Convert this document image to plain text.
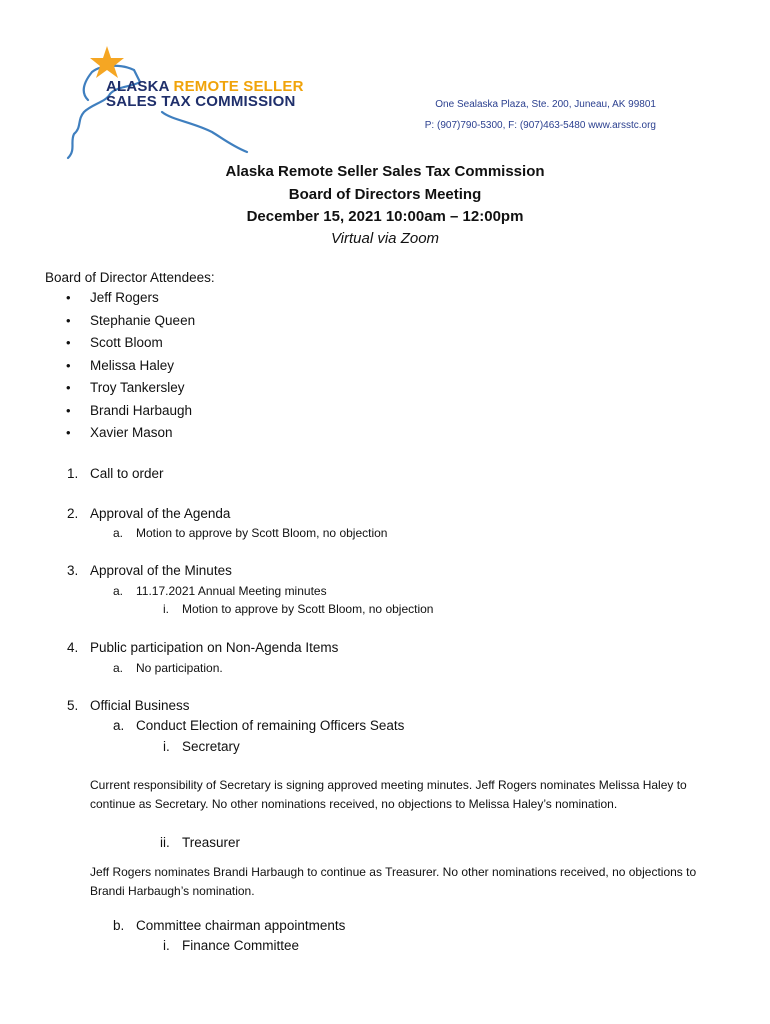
ALASKA REMOTE SELLER
SALES TAX COMMISSION	One Sealaska Plaza, Ste. 200, Juneau, AK 99801
P: (907)790-5300, F: (907)463-5480 www.arsstc.org
Alaska Remote Seller Sales Tax Commission
Board of Directors Meeting
December 15, 2021 10:00am – 12:00pm
Virtual via Zoom
Board of Director Attendees:
• Jeff Rogers
• Stephanie Queen
• Scott Bloom
• Melissa Haley
• Troy Tankersley
• Brandi Harbaugh
• Xavier Mason
1. Call to order
2. Approval of the Agenda
a. Motion to approve by Scott Bloom, no objection
3. Approval of the Minutes
a. 11.17.2021 Annual Meeting minutes
i. Motion to approve by Scott Bloom, no objection
4. Public participation on Non-Agenda Items
a. No participation.
5. Official Business
a. Conduct Election of remaining Officers Seats
i. Secretary
Current responsibility of Secretary is signing approved meeting minutes. Jeff Rogers nominates Melissa Haley to continue as Secretary. No other nominations received, no objections to Melissa Haley’s nomination.
ii. Treasurer
Jeff Rogers nominates Brandi Harbaugh to continue as Treasurer. No other nominations received, no objections to Brandi Harbaugh’s nomination.
b. Committee chairman appointments
i. Finance Committee
